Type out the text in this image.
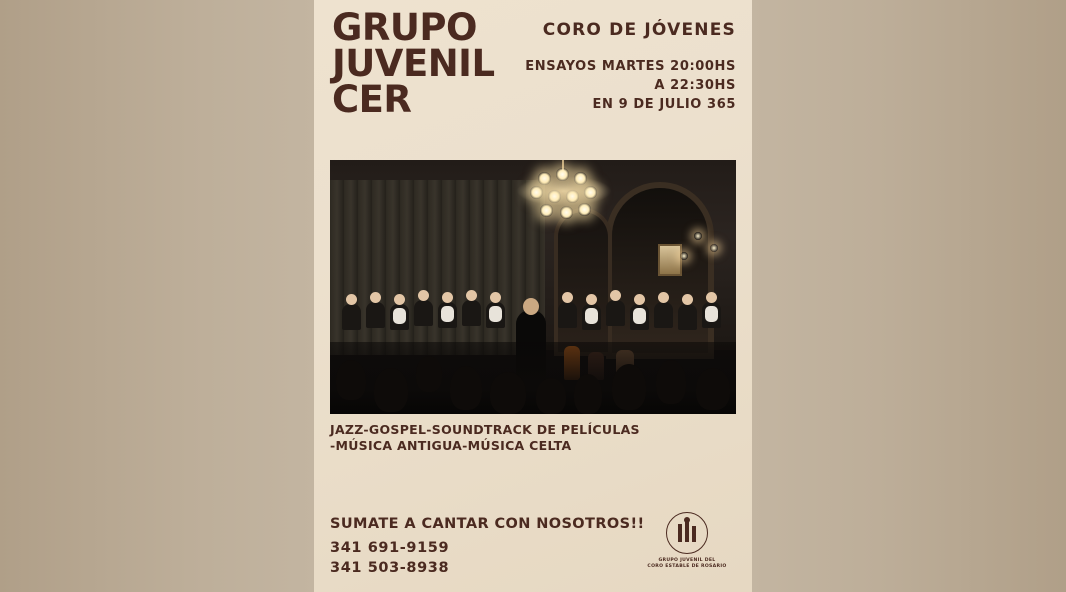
GRUPO
JUVENIL
CER
CORO DE JÓVENES
ENSAYOS MARTES 20:00HS
A 22:30HS
EN 9 DE JULIO 365
JAZZ-GOSPEL-SOUNDTRACK DE PELÍCULAS
-MÚSICA ANTIGUA-MÚSICA CELTA
SUMATE A CANTAR CON NOSOTROS!!
341 691-9159
341 503-8938	GRUPO JUVENIL DEL
CORO ESTABLE DE ROSARIO
